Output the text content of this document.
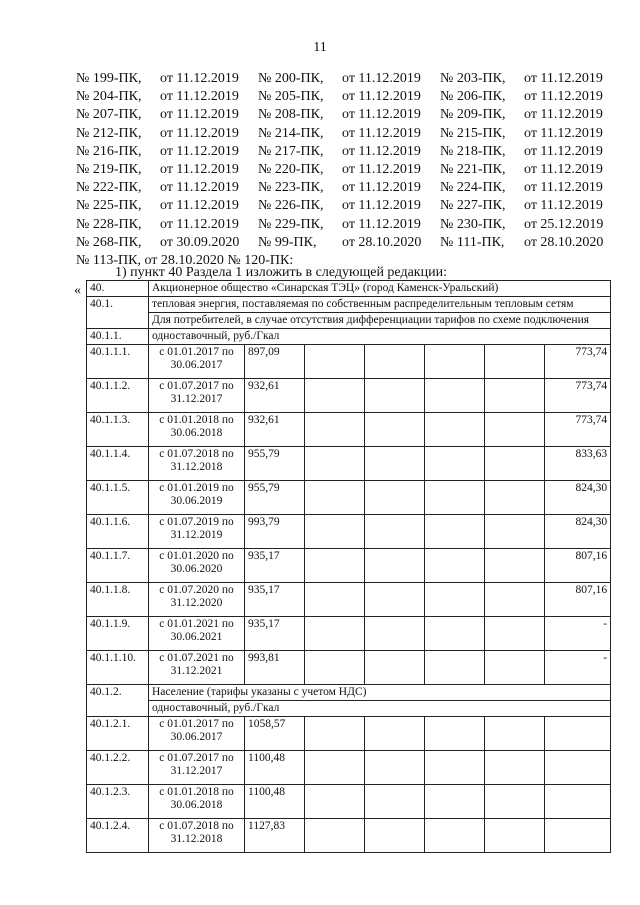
11
№ 199-ПК,	от 11.12.2019 № 200-ПК,	от 11.12.2019 № 203-ПК,	от 11.12.2019
№ 204-ПК,	от 11.12.2019 № 205-ПК,	от 11.12.2019 № 206-ПК,	от 11.12.2019
№ 207-ПК,	от 11.12.2019 № 208-ПК,	от 11.12.2019 № 209-ПК,	от 11.12.2019
№ 212-ПК,	от 11.12.2019 № 214-ПК,	от 11.12.2019 № 215-ПК,	от 11.12.2019
№ 216-ПК,	от 11.12.2019 № 217-ПК,	от 11.12.2019 № 218-ПК,	от 11.12.2019
№ 219-ПК,	от 11.12.2019 № 220-ПК,	от 11.12.2019 № 221-ПК,	от 11.12.2019
№ 222-ПК,	от 11.12.2019 № 223-ПК,	от 11.12.2019 № 224-ПК,	от 11.12.2019
№ 225-ПК,	от 11.12.2019 № 226-ПК,	от 11.12.2019 № 227-ПК,	от 11.12.2019
№ 228-ПК,	от 11.12.2019 № 229-ПК,	от 11.12.2019 № 230-ПК,	от 25.12.2019
№ 268-ПК,	от 30.09.2020 № 99-ПК,	от 28.10.2020 № 111-ПК,	от 28.10.2020
№ 113-ПК, от 28.10.2020 № 120-ПК:
1) пункт 40 Раздела 1 изложить в следующей редакции:
« 40.	Акционерное общество «Синарская ТЭЦ» (город Каменск-Уральский)						
40.1.	тепловая энергия, поставляемая по собственным распределительным тепловым сетям						
	Для потребителей, в случае отсутствия дифференциации тарифов по схеме подключения						
40.1.1.	одноставочный, руб./Гкал						
40.1.1.1.	с 01.01.2017 по 30.06.2017	897,09					773,74
40.1.1.2.	с 01.07.2017 по 31.12.2017	932,61					773,74
40.1.1.3.	с 01.01.2018 по 30.06.2018	932,61					773,74
40.1.1.4.	с 01.07.2018 по 31.12.2018	955,79					833,63
40.1.1.5.	с 01.01.2019 по 30.06.2019	955,79					824,30
40.1.1.6.	с 01.07.2019 по 31.12.2019	993,79					824,30
40.1.1.7.	с 01.01.2020 по 30.06.2020	935,17					807,16
40.1.1.8.	с 01.07.2020 по 31.12.2020	935,17					807,16
40.1.1.9.	с 01.01.2021 по 30.06.2021	935,17					-
40.1.1.10.	с 01.07.2021 по 31.12.2021	993,81					-
40.1.2.	Население (тарифы указаны с учетом НДС)						
	одноставочный, руб./Гкал						
40.1.2.1.	с 01.01.2017 по 30.06.2017	1058,57					
40.1.2.2.	с 01.07.2017 по 31.12.2017	1100,48					
40.1.2.3.	с 01.01.2018 по 30.06.2018	1100,48					
40.1.2.4.	с 01.07.2018 по 31.12.2018	1127,83					
